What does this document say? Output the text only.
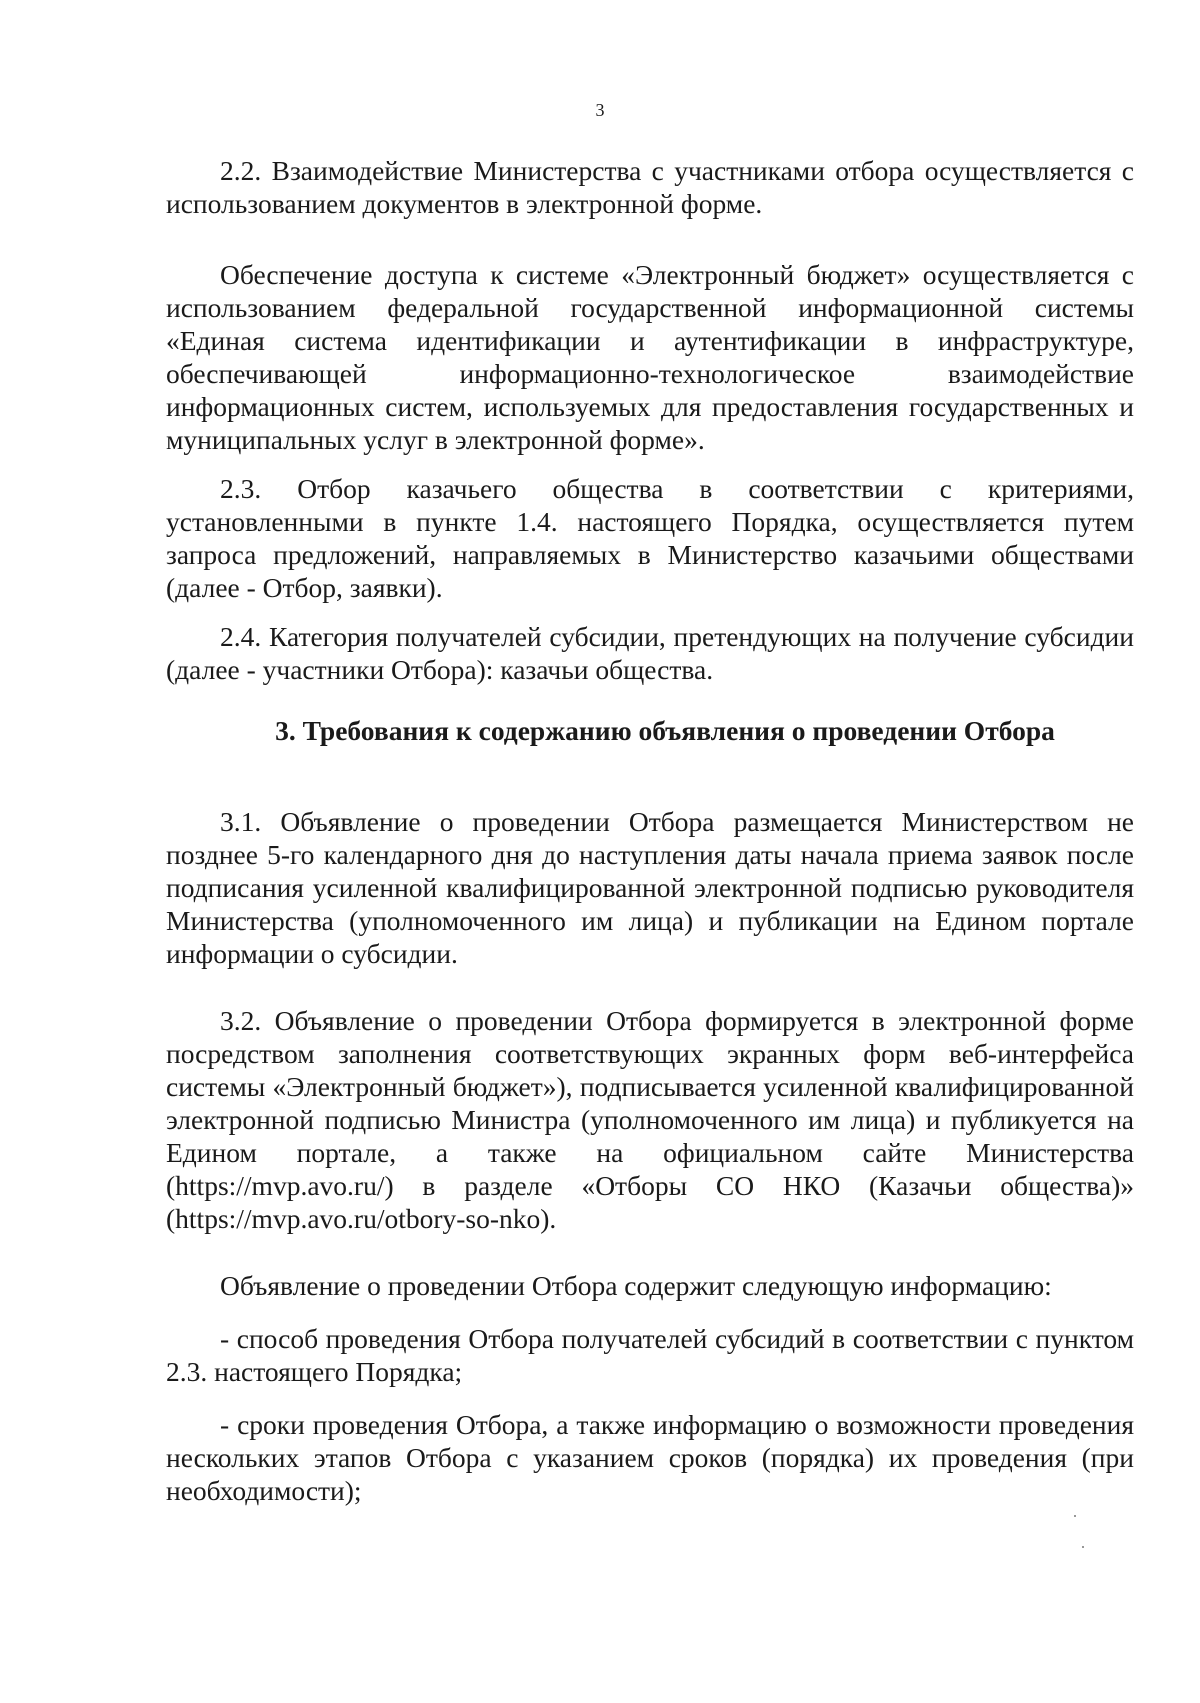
3

2.2. Взаимодействие Министерства с участниками отбора осуществляется с использованием документов в электронной форме.

Обеспечение доступа к системе «Электронный бюджет» осуществляется с использованием федеральной государственной информационной системы «Единая система идентификации и аутентификации в инфраструктуре, обеспечивающей информационно-технологическое взаимодействие информационных систем, используемых для предоставления государственных и муниципальных услуг в электронной форме».

2.3. Отбор казачьего общества в соответствии с критериями, установленными в пункте 1.4. настоящего Порядка, осуществляется путем запроса предложений, направляемых в Министерство казачьими обществами (далее - Отбор, заявки).

2.4. Категория получателей субсидии, претендующих на получение субсидии (далее - участники Отбора): казачьи общества.

3. Требования к содержанию объявления о проведении Отбора

3.1. Объявление о проведении Отбора размещается Министерством не позднее 5-го календарного дня до наступления даты начала приема заявок после подписания усиленной квалифицированной электронной подписью руководителя Министерства (уполномоченного им лица) и публикации на Едином портале информации о субсидии.

3.2. Объявление о проведении Отбора формируется в электронной форме посредством заполнения соответствующих экранных форм веб-интерфейса системы «Электронный бюджет»), подписывается усиленной квалифицированной электронной подписью Министра (уполномоченного им лица) и публикуется на Едином портале, а также на официальном сайте Министерства (https://mvp.avo.ru/) в разделе «Отборы СО НКО (Казачьи общества)» (https://mvp.avo.ru/otbory-so-nko).

Объявление о проведении Отбора содержит следующую информацию:

- способ проведения Отбора получателей субсидий в соответствии с пунктом 2.3. настоящего Порядка;

- сроки проведения Отбора, а также информацию о возможности проведения нескольких этапов Отбора с указанием сроков (порядка) их проведения (при необходимости);
